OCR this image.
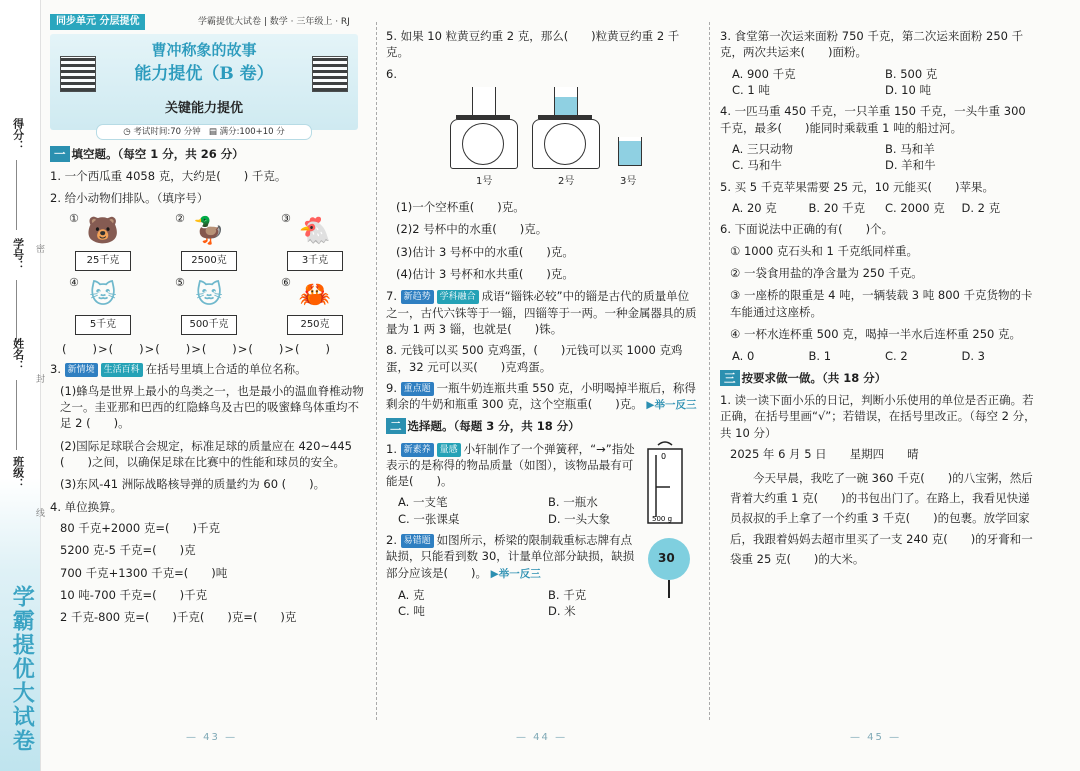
得分：
学号： 密
姓名：
封
班级：
线
学霸提优大试卷
同步单元 分层提优	学霸提优大试卷 | 数学 · 三年级上 · RJ
曹冲称象的故事
能力提优（B 卷）
关键能力提优
◷ 考试时间:70 分钟 ▤ 满分:100+10 分
一 填空题。（每空 1 分，共 26 分）

1. 一个西瓜重 4058 克，大约是(　　) 千克。

2. 给小动物们排队。（填序号）

① 🐻
25千克
② 🦆
2500克
③ 🐔
3千克
④ 🐱
5千克
⑤ 🐱
500千克
⑥ 🦀
250克

(　　)>(　　)>(　　)>(　　)>(　　)>(　　)

3. 新情境 生活百科 在括号里填上合适的单位名称。

(1)蜂鸟是世界上最小的鸟类之一，也是最小的温血脊椎动物之一。圭亚那和巴西的红隐蜂鸟及古巴的吸蜜蜂鸟体重均不足 2 (　　)。

(2)国际足球联合会规定，标准足球的质量应在 420~445 (　　)之间，以确保足球在比赛中的性能和球员的安全。

(3)东风-41 洲际战略核导弹的质量约为 60 (　　)。

4. 单位换算。

80 千克+2000 克=(　　)千克

5200 克-5 千克=(　　)克

700 千克+1300 千克=(　　)吨

10 吨-700 千克=(　　)千克

2 千克-800 克=(　　)千克(　　)克=(　　)克

— 43 —

5. 如果 10 粒黄豆约重 2 克，那么(　　)粒黄豆约重 2 千克。

6.

1号	2号	3号

(1)一个空杯重(　　)克。

(2)2 号杯中的水重(　　)克。

(3)估计 3 号杯中的水重(　　)克。

(4)估计 3 号杯和水共重(　　)克。

7. 新趋势 学科融合 成语“锱铢必较”中的锱是古代的质量单位之一，古代六铢等于一锱，四锱等于一两。一种金属器具的质量为 1 两 3 锱，也就是(　　)铢。

8. 元钱可以买 500 克鸡蛋，(　　)元钱可以买 1000 克鸡蛋，32 元可以买(　　)克鸡蛋。

9. 重点题 一瓶牛奶连瓶共重 550 克，小明喝掉半瓶后，称得剩余的牛奶和瓶重 300 克，这个空瓶重(　　)克。 ▶举一反三

二 选择题。（每题 3 分，共 18 分）

1. 新素养 量感 小轩制作了一个弹簧秤，“→”指处表示的是称得的物品质量（如图），该物品最有可能是(　　)。

0
500 g
A. 一支笔	B. 一瓶水
C. 一张课桌	D. 一头大象

2. 易错题 如图所示，桥梁的限制载重标志牌有点缺损，只能看到数 30，计量单位部分缺损，缺损部分应该是(　　)。 ▶举一反三

30
A. 克	B. 千克
C. 吨	D. 米
— 44 —

3. 食堂第一次运来面粉 750 千克，第二次运来面粉 250 千克，两次共运来(　　)面粉。

A. 900 千克	B. 500 克
C. 1 吨	D. 10 吨

4. 一匹马重 450 千克，一只羊重 150 千克，一头牛重 300 千克，最多(　　)能同时乘载重 1 吨的船过河。

A. 三只动物	B. 马和羊
C. 马和牛	D. 羊和牛

5. 买 5 千克苹果需要 25 元，10 元能买(　　)苹果。

A. 20 克	B. 20 千克	C. 2000 克	D. 2 克

6. 下面说法中正确的有(　　)个。

① 1000 克石头和 1 千克纸同样重。

② 一袋食用盐的净含量为 250 千克。

③ 一座桥的限重是 4 吨，一辆装载 3 吨 800 千克货物的卡车能通过这座桥。

④ 一杯水连杯重 500 克，喝掉一半水后连杯重 250 克。

A. 0	B. 1	C. 2	D. 3
三 按要求做一做。（共 18 分）

1. 读一读下面小乐的日记，判断小乐使用的单位是否正确。若正确，在括号里画“√”；若错误，在括号里改正。（每空 2 分，共 10 分）

2025 年 6 月 5 日　　星期四　　晴

今天早晨，我吃了一碗 360 千克(　　)的八宝粥，然后背着大约重 1 克(　　)的书包出门了。在路上，我看见快递员叔叔的手上拿了一个约重 3 千克(　　)的包裹。放学回家后，我跟着妈妈去超市里买了一支 240 克(　　)的牙膏和一袋重 25 克(　　)的大米。

— 45 —
